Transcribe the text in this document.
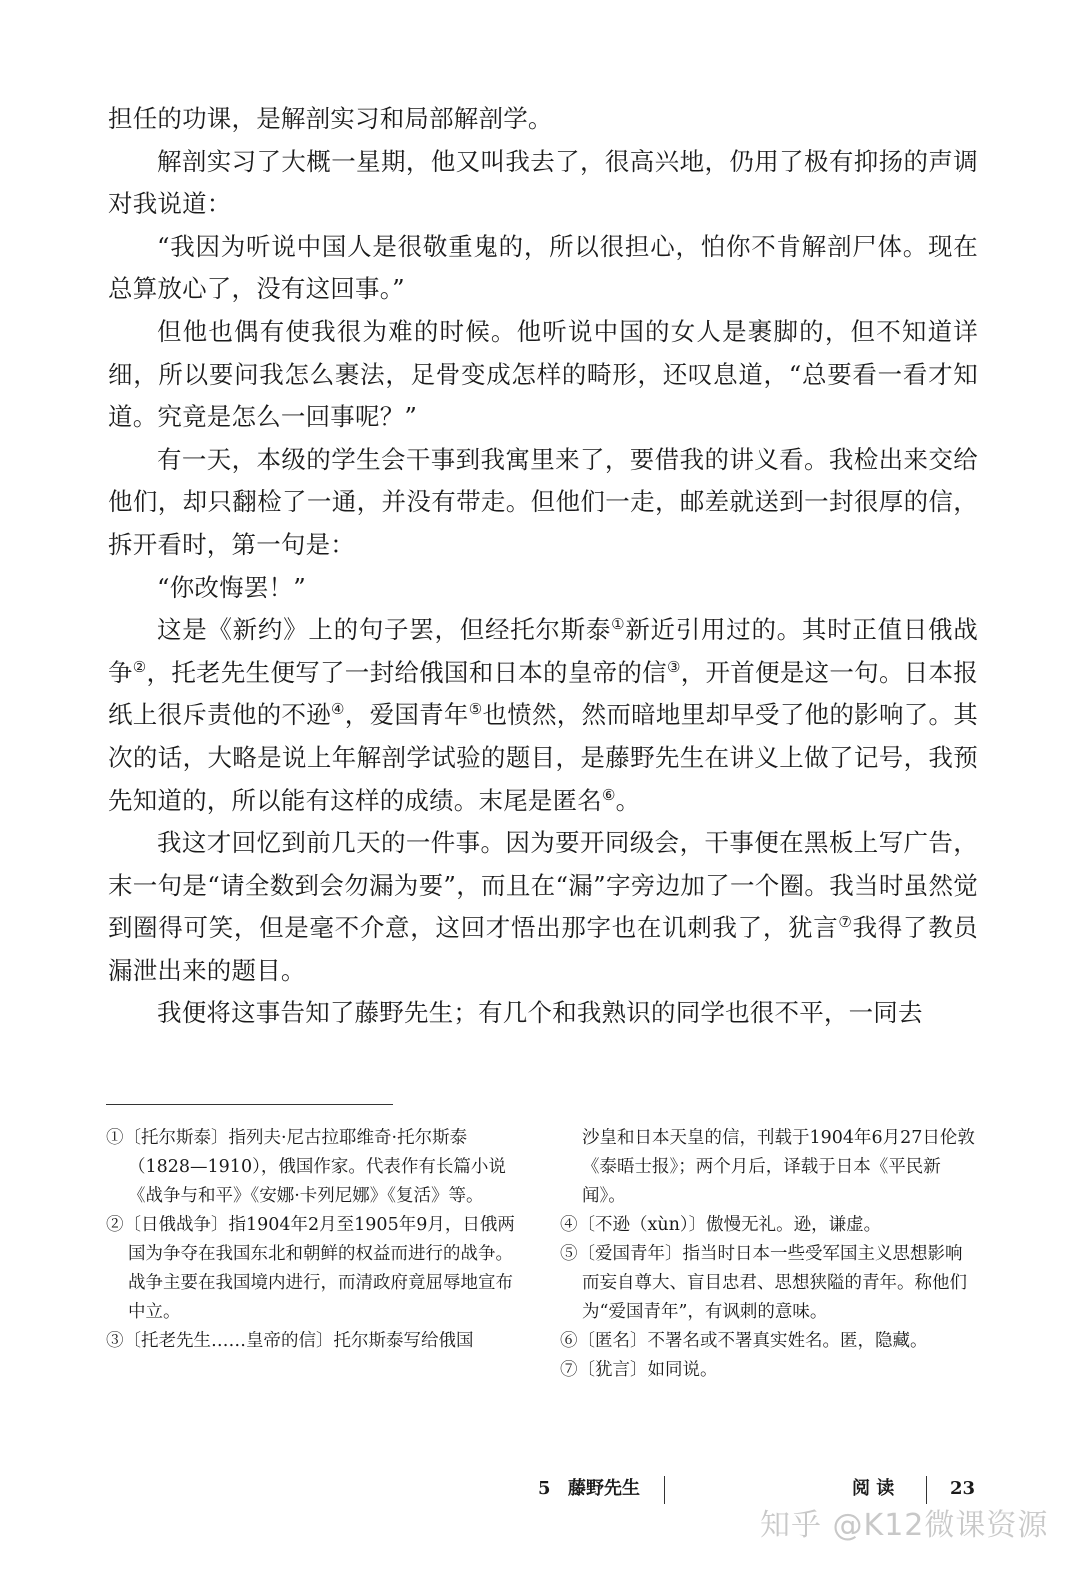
担任的功课，是解剖实习和局部解剖学。

解剖实习了大概一星期，他又叫我去了，很高兴地，仍用了极有抑扬的声调对我说道：

“我因为听说中国人是很敬重鬼的，所以很担心，怕你不肯解剖尸体。现在总算放心了，没有这回事。”

但他也偶有使我很为难的时候。他听说中国的女人是裹脚的，但不知道详细，所以要问我怎么裹法，足骨变成怎样的畸形，还叹息道，“总要看一看才知道。究竟是怎么一回事呢？”

有一天，本级的学生会干事到我寓里来了，要借我的讲义看。我检出来交给他们，却只翻检了一通，并没有带走。但他们一走，邮差就送到一封很厚的信，拆开看时，第一句是：

“你改悔罢！”

这是《新约》上的句子罢，但经托尔斯泰①新近引用过的。其时正值日俄战争②，托老先生便写了一封给俄国和日本的皇帝的信③，开首便是这一句。日本报纸上很斥责他的不逊④，爱国青年⑤也愤然，然而暗地里却早受了他的影响了。其次的话，大略是说上年解剖学试验的题目，是藤野先生在讲义上做了记号，我预先知道的，所以能有这样的成绩。末尾是匿名⑥。

我这才回忆到前几天的一件事。因为要开同级会，干事便在黑板上写广告，末一句是“请全数到会勿漏为要”，而且在“漏”字旁边加了一个圈。我当时虽然觉到圈得可笑，但是毫不介意，这回才悟出那字也在讥刺我了，犹言⑦我得了教员漏泄出来的题目。

我便将这事告知了藤野先生；有几个和我熟识的同学也很不平，一同去

①〔托尔斯泰〕指列夫·尼古拉耶维奇·托尔斯泰（1828—1910），俄国作家。代表作有长篇小说《战争与和平》《安娜·卡列尼娜》《复活》等。

②〔日俄战争〕指1904年2月至1905年9月，日俄两国为争夺在我国东北和朝鲜的权益而进行的战争。战争主要在我国境内进行，而清政府竟屈辱地宣布中立。

③〔托老先生……皇帝的信〕托尔斯泰写给俄国

沙皇和日本天皇的信，刊载于1904年6月27日伦敦《泰晤士报》；两个月后，译载于日本《平民新闻》。

④〔不逊（xùn）〕傲慢无礼。逊，谦虚。

⑤〔爱国青年〕指当时日本一些受军国主义思想影响而妄自尊大、盲目忠君、思想狭隘的青年。称他们为“爱国青年”，有讽刺的意味。

⑥〔匿名〕不署名或不署真实姓名。匿，隐藏。

⑦〔犹言〕如同说。

5 藤野先生	阅 读	23
知乎 @K12微课资源
